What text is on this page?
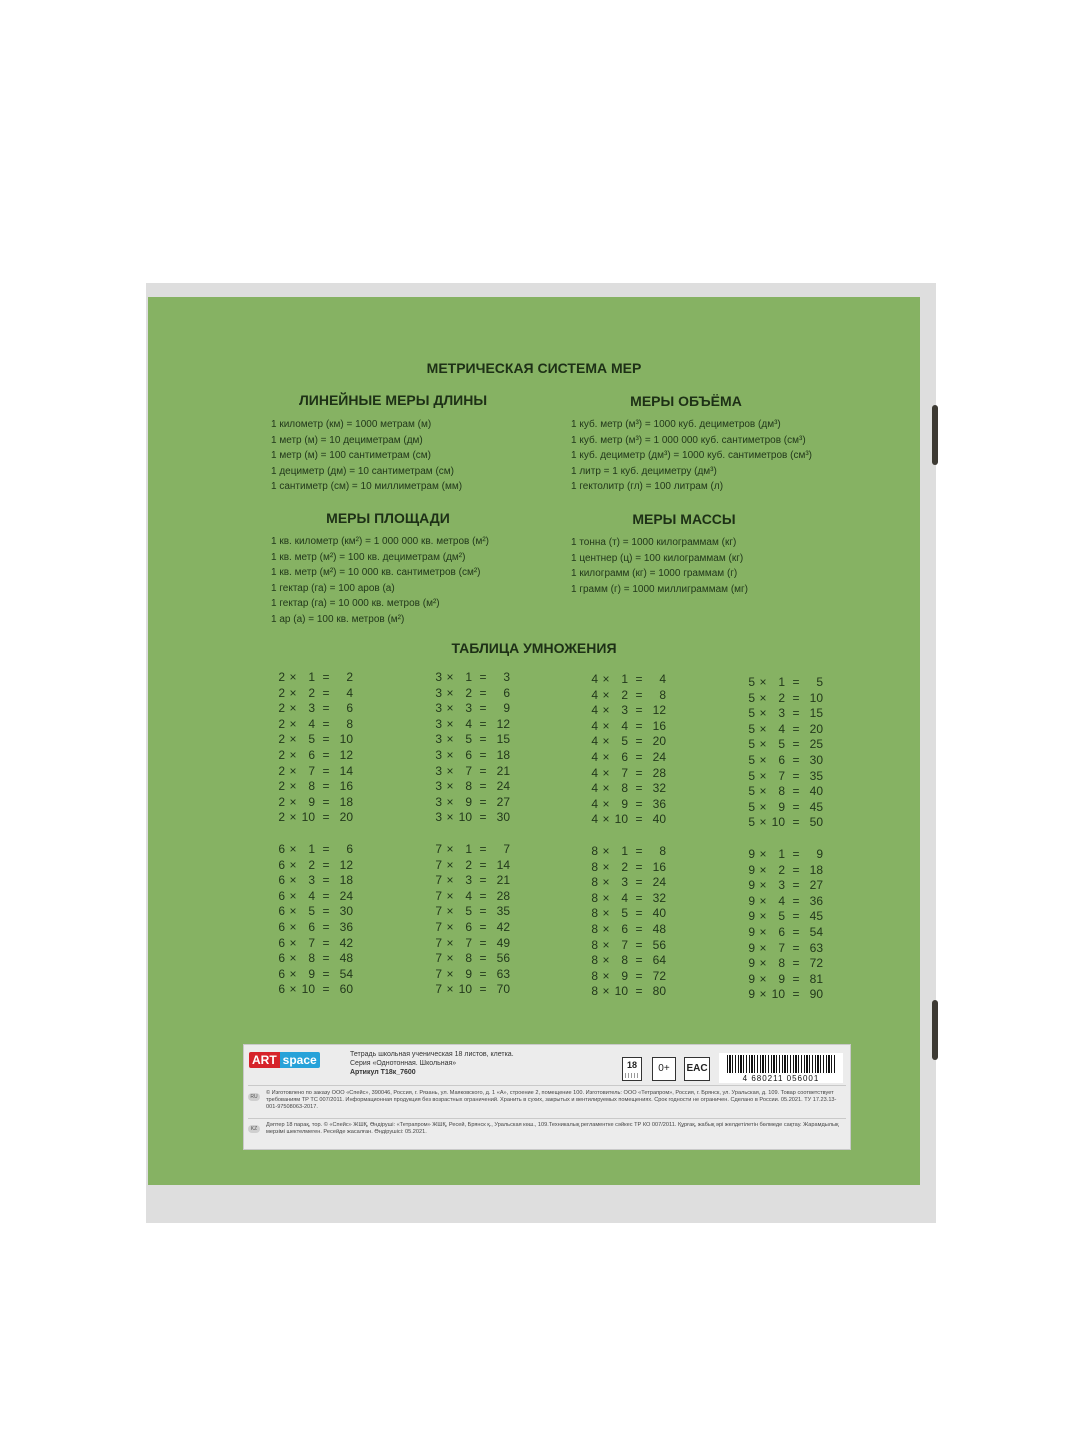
МЕТРИЧЕСКАЯ СИСТЕМА МЕР
ЛИНЕЙНЫЕ МЕРЫ ДЛИНЫ
1 километр (км) = 1000 метрам (м)
1 метр (м) = 10 дециметрам (дм)
1 метр (м) = 100 сантиметрам (см)
1 дециметр (дм) = 10 сантиметрам (см)
1 сантиметр (см) = 10 миллиметрам (мм)
МЕРЫ ОБЪЁМА
1 куб. метр (м³) = 1000 куб. дециметров (дм³)
1 куб. метр (м³) = 1 000 000 куб. сантиметров (см³)
1 куб. дециметр (дм³) = 1000 куб. сантиметров (см³)
1 литр = 1 куб. дециметру (дм³)
1 гектолитр (гл) = 100 литрам (л)
МЕРЫ ПЛОЩАДИ
1 кв. километр (км²) = 1 000 000 кв. метров (м²)
1 кв. метр (м²) = 100 кв. дециметрам (дм²)
1 кв. метр (м²) = 10 000 кв. сантиметров (см²)
1 гектар (га) = 100 аров (а)
1 гектар (га) = 10 000 кв. метров (м²)
1 ар (а) = 100 кв. метров (м²)
МЕРЫ МАССЫ
1 тонна (т) = 1000 килограммам (кг)
1 центнер (ц) = 100 килограммам (кг)
1 килограмм (кг) = 1000 граммам (г)
1 грамм (г) = 1000 миллиграммам (мг)
ТАБЛИЦА УМНОЖЕНИЯ
2 × 1 =	2
2 × 2 =	4
2 × 3 =	6
2 × 4 =	8
2 × 5 = 10
2 × 6 = 12
2 × 7 = 14
2 × 8 = 16
2 × 9 = 18
2 × 10 = 20
3 × 1 =	3
3 × 2 =	6
3 × 3 =	9
3 × 4 = 12
3 × 5 = 15
3 × 6 = 18
3 × 7 = 21
3 × 8 = 24
3 × 9 = 27
3 × 10 = 30
4 × 1 =	4
4 × 2 =	8
4 × 3 = 12
4 × 4 = 16
4 × 5 = 20
4 × 6 = 24
4 × 7 = 28
4 × 8 = 32
4 × 9 = 36
4 × 10 = 40
5 × 1 =	5
5 × 2 = 10
5 × 3 = 15
5 × 4 = 20
5 × 5 = 25
5 × 6 = 30
5 × 7 = 35
5 × 8 = 40
5 × 9 = 45
5 × 10 = 50
6 × 1 =	6
6 × 2 = 12
6 × 3 = 18
6 × 4 = 24
6 × 5 = 30
6 × 6 = 36
6 × 7 = 42
6 × 8 = 48
6 × 9 = 54
6 × 10 = 60
7 × 1 =	7
7 × 2 = 14
7 × 3 = 21
7 × 4 = 28
7 × 5 = 35
7 × 6 = 42
7 × 7 = 49
7 × 8 = 56
7 × 9 = 63
7 × 10 = 70
8 × 1 =	8
8 × 2 = 16
8 × 3 = 24
8 × 4 = 32
8 × 5 = 40
8 × 6 = 48
8 × 7 = 56
8 × 8 = 64
8 × 9 = 72
8 × 10 = 80
9 × 1 =	9
9 × 2 = 18
9 × 3 = 27
9 × 4 = 36
9 × 5 = 45
9 × 6 = 54
9 × 7 = 63
9 × 8 = 72
9 × 9 = 81
9 × 10 = 90
ART space	Тетрадь школьная ученическая 18 листов, клетка.
Серия «Однотонная. Школьная»
Артикул Т18к_7600
18	0+	EAC
4 680211 056001
RU
© Изготовлено по заказу ООО «Спейс», 390046, Россия, г. Рязань, ул. Маяковского, д. 1 «А», строение 2, помещение 100. Изготовитель: ООО «Тетрапром», Россия, г. Брянск, ул. Уральская, д. 109. Товар соответствует требованиям ТР ТС 007/2011. Информационная продукция без возрастных ограничений. Хранить в сухих, закрытых и вентилируемых помещениях. Срок годности не ограничен. Сделано в России. 05.2021. ТУ 17.23.13-001-97508063-2017.
KZ
Дәптер 18 парақ, тор. © «Спейс» ЖШҚ, Өндіруші: «Тетрапром» ЖШҚ, Ресей, Брянск қ., Уральская көш., 109.Техникалық регламентке сәйкес ТР КО 007/2011. Құрғақ, жабық әрі желдетілетін бөлмеде сақтау. Жарамдылық мерзімі шектелмеген. Ресейде жасалған. Өндірушісі: 05.2021.
